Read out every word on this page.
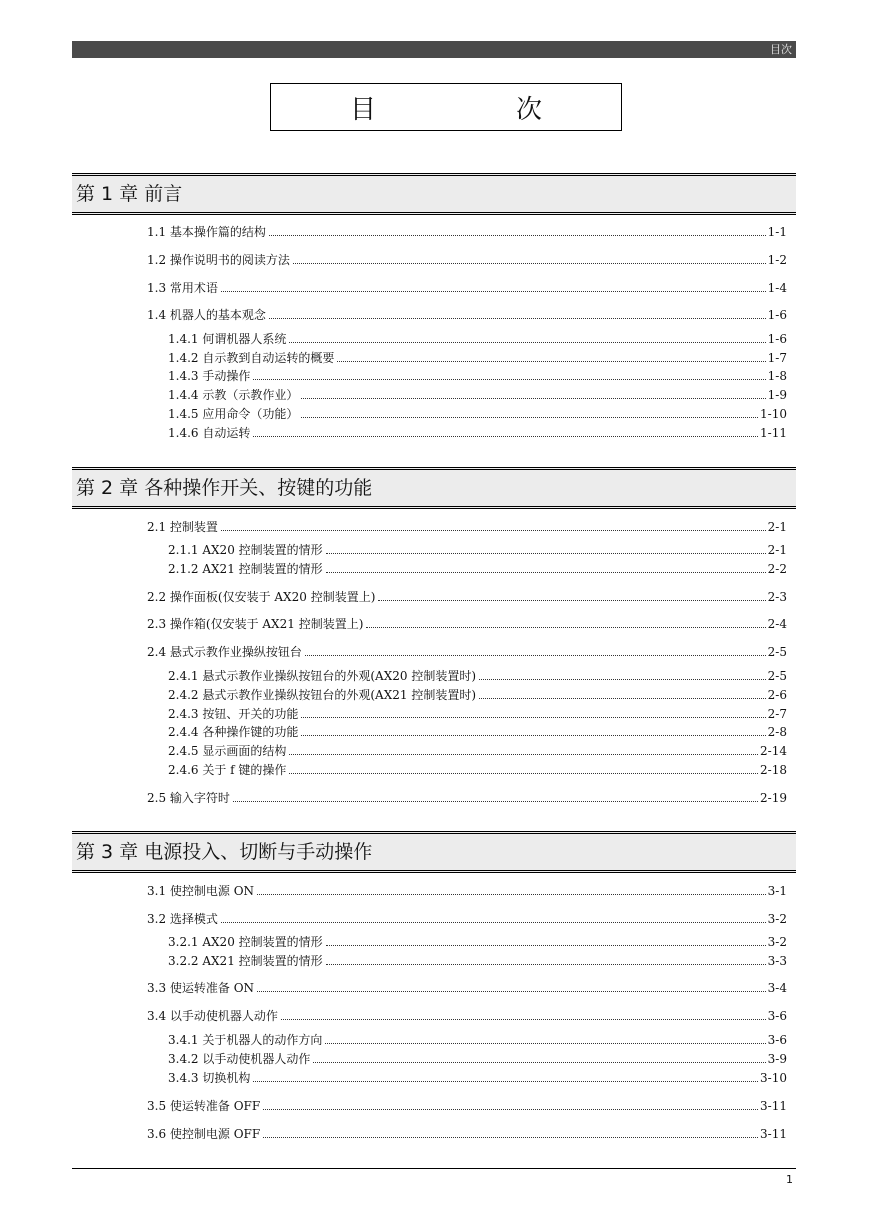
目次
目	次
第 1 章 前言
1.1 基本操作篇的结构	1-1
1.2 操作说明书的阅读方法	1-2
1.3 常用术语	1-4
1.4 机器人的基本观念	1-6
1.4.1 何谓机器人系统	1-6
1.4.2 自示教到自动运转的概要	1-7
1.4.3 手动操作	1-8
1.4.4 示教（示教作业）	1-9
1.4.5 应用命令（功能）	1-10
1.4.6 自动运转	1-11
第 2 章 各种操作开关、按键的功能
2.1 控制装置	2-1
2.1.1 AX20 控制装置的情形	2-1
2.1.2 AX21 控制装置的情形	2-2
2.2 操作面板(仅安装于 AX20 控制装置上)	2-3
2.3 操作箱(仅安装于 AX21 控制装置上)	2-4
2.4 悬式示教作业操纵按钮台	2-5
2.4.1 悬式示教作业操纵按钮台的外观(AX20 控制装置时)	2-5
2.4.2 悬式示教作业操纵按钮台的外观(AX21 控制装置时)	2-6
2.4.3 按钮、开关的功能	2-7
2.4.4 各种操作键的功能	2-8
2.4.5 显示画面的结构	2-14
2.4.6 关于 f 键的操作	2-18
2.5 输入字符时	2-19
第 3 章 电源投入、切断与手动操作
3.1 使控制电源 ON	3-1
3.2 选择模式	3-2
3.2.1 AX20 控制装置的情形	3-2
3.2.2 AX21 控制装置的情形	3-3
3.3 使运转准备 ON	3-4
3.4 以手动使机器人动作	3-6
3.4.1 关于机器人的动作方向	3-6
3.4.2 以手动使机器人动作	3-9
3.4.3 切换机构	3-10
3.5 使运转准备 OFF	3-11
3.6 使控制电源 OFF	3-11
1
